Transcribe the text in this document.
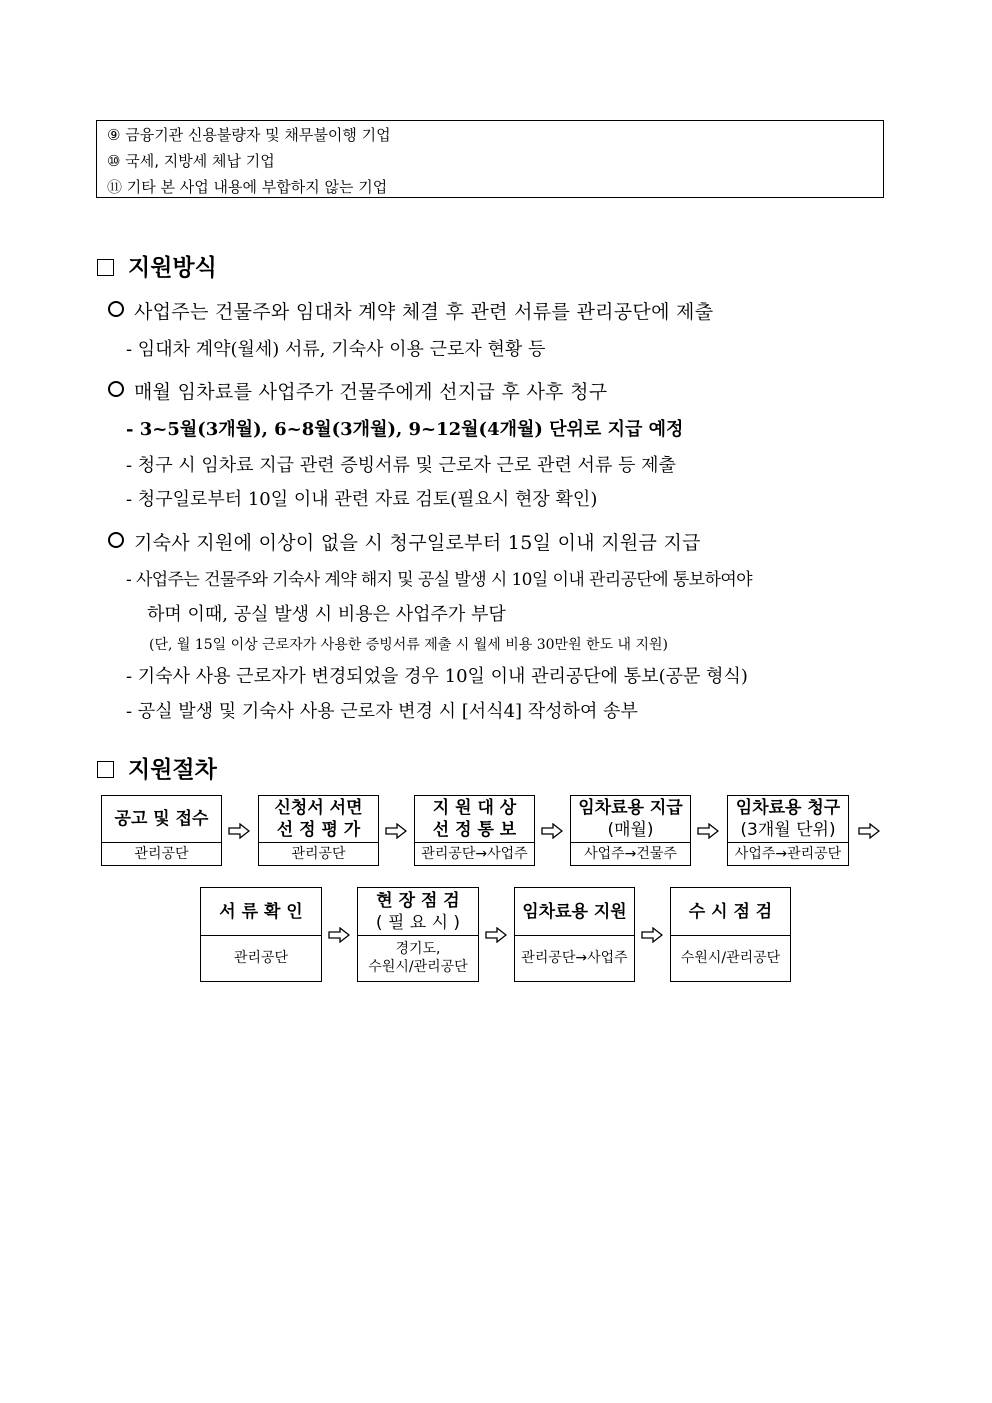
⑨ 금융기관 신용불량자 및 채무불이행 기업
⑩ 국세, 지방세 체납 기업
⑪ 기타 본 사업 내용에 부합하지 않는 기업
지원방식
사업주는 건물주와 임대차 계약 체결 후 관련 서류를 관리공단에 제출
- 임대차 계약(월세) 서류, 기숙사 이용 근로자 현황 등
매월 임차료를 사업주가 건물주에게 선지급 후 사후 청구
- 3~5월(3개월), 6~8월(3개월), 9~12월(4개월) 단위로 지급 예정
- 청구 시 임차료 지급 관련 증빙서류 및 근로자 근로 관련 서류 등 제출
- 청구일로부터 10일 이내 관련 자료 검토(필요시 현장 확인)
기숙사 지원에 이상이 없을 시 청구일로부터 15일 이내 지원금 지급
- 사업주는 건물주와 기숙사 계약 해지 및 공실 발생 시 10일 이내 관리공단에 통보하여야
하며 이때, 공실 발생 시 비용은 사업주가 부담
(단, 월 15일 이상 근로자가 사용한 증빙서류 제출 시 월세 비용 30만원 한도 내 지원)
- 기숙사 사용 근로자가 변경되었을 경우 10일 이내 관리공단에 통보(공문 형식)
- 공실 발생 및 기숙사 사용 근로자 변경 시 [서식4] 작성하여 송부
지원절차
공고 및 접수
관리공단
신청서 서면
선 정 평 가
관리공단
지 원 대 상
선 정 통 보
관리공단→사업주
임차료용 지급
(매월)
사업주→건물주
임차료용 청구
(3개월 단위)
사업주→관리공단
서 류 확 인
관리공단
현 장 점 검
( 필 요 시 )
경기도,
수원시/관리공단
임차료용 지원
관리공단→사업주
수 시 점 검
수원시/관리공단
